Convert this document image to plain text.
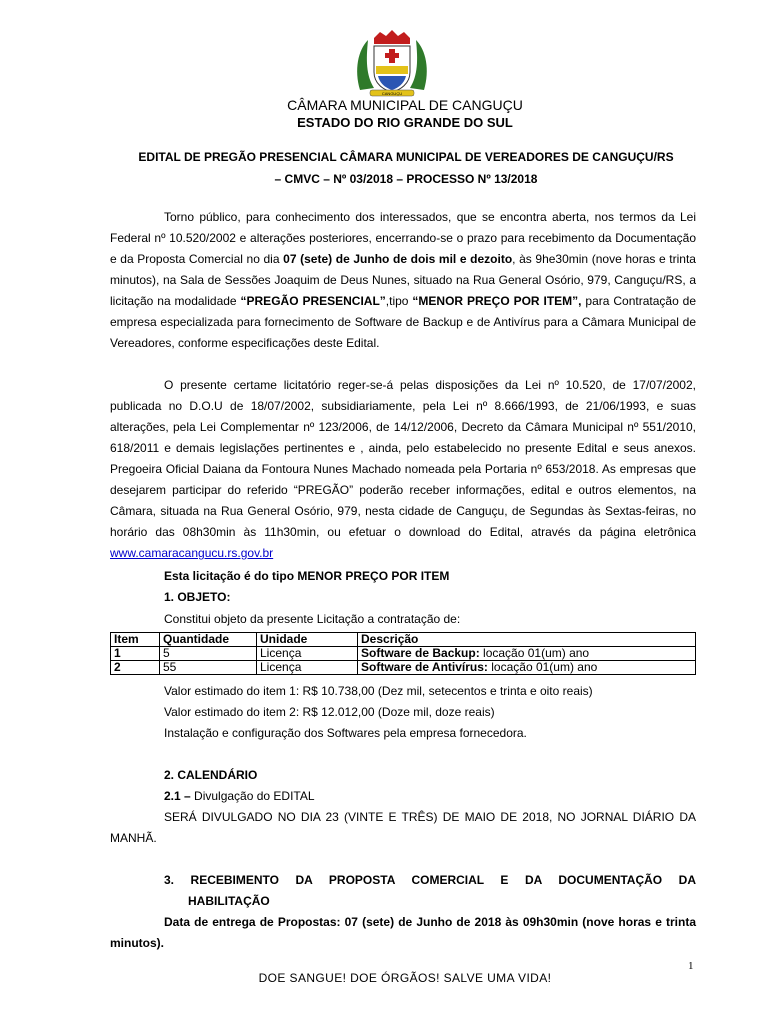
CANGUÇU
CÂMARA MUNICIPAL DE CANGUÇU
ESTADO DO RIO GRANDE DO SUL
EDITAL DE PREGÃO PRESENCIAL CÂMARA MUNICIPAL DE VEREADORES DE CANGUÇU/RS
– CMVC – Nº 03/2018 – PROCESSO Nº 13/2018

Torno público, para conhecimento dos interessados, que se encontra aberta, nos termos da Lei Federal nº 10.520/2002 e alterações posteriores, encerrando-se o prazo para recebimento da Documentação e da Proposta Comercial no dia 07 (sete) de Junho de dois mil e dezoito, às 9he30min (nove horas e trinta minutos), na Sala de Sessões Joaquim de Deus Nunes, situado na Rua General Osório, 979, Canguçu/RS, a licitação na modalidade “PREGÃO PRESENCIAL”,tipo “MENOR PREÇO POR ITEM”, para Contratação de empresa especializada para fornecimento de Software de Backup e de Antivírus para a Câmara Municipal de Vereadores, conforme especificações deste Edital.

O presente certame licitatório reger-se-á pelas disposições da Lei nº 10.520, de 17/07/2002, publicada no D.O.U de 18/07/2002, subsidiariamente, pela Lei nº 8.666/1993, de 21/06/1993, e suas alterações, pela Lei Complementar nº 123/2006, de 14/12/2006, Decreto da Câmara Municipal nº 551/2010, 618/2011 e demais legislações pertinentes e , ainda, pelo estabelecido no presente Edital e seus anexos. Pregoeira Oficial Daiana da Fontoura Nunes Machado nomeada pela Portaria nº 653/2018. As empresas que desejarem participar do referido “PREGÃO” poderão receber informações, edital e outros elementos, na Câmara, situada na Rua General Osório, 979, nesta cidade de Canguçu, de Segundas às Sextas-feiras, no horário das 08h30min às 11h30min, ou efetuar o download do Edital, através da página eletrônica www.camaracangucu.rs.gov.br

Esta licitação é do tipo MENOR PREÇO POR ITEM
1. OBJETO:
Constitui objeto da presente Licitação a contratação de:
Item	Quantidade	Unidade	Descrição
1	5	Licença	Software de Backup: locação 01(um) ano
2	55	Licença	Software de Antivírus: locação 01(um) ano
Valor estimado do item 1: R$ 10.738,00 (Dez mil, setecentos e trinta e oito reais)
Valor estimado do item 2: R$ 12.012,00 (Doze mil, doze reais)
Instalação e configuração dos Softwares pela empresa fornecedora.
2. CALENDÁRIO
2.1 – Divulgação do EDITAL

SERÁ DIVULGADO NO DIA 23 (VINTE E TRÊS) DE MAIO DE 2018, NO JORNAL DIÁRIO DA MANHÃ.

3. RECEBIMENTO DA PROPOSTA COMERCIAL E DA DOCUMENTAÇÃO DA
HABILITAÇÃO

Data de entrega de Propostas: 07 (sete) de Junho de 2018 às 09h30min (nove horas e trinta minutos).

1
DOE SANGUE! DOE ÓRGÃOS! SALVE UMA VIDA!
